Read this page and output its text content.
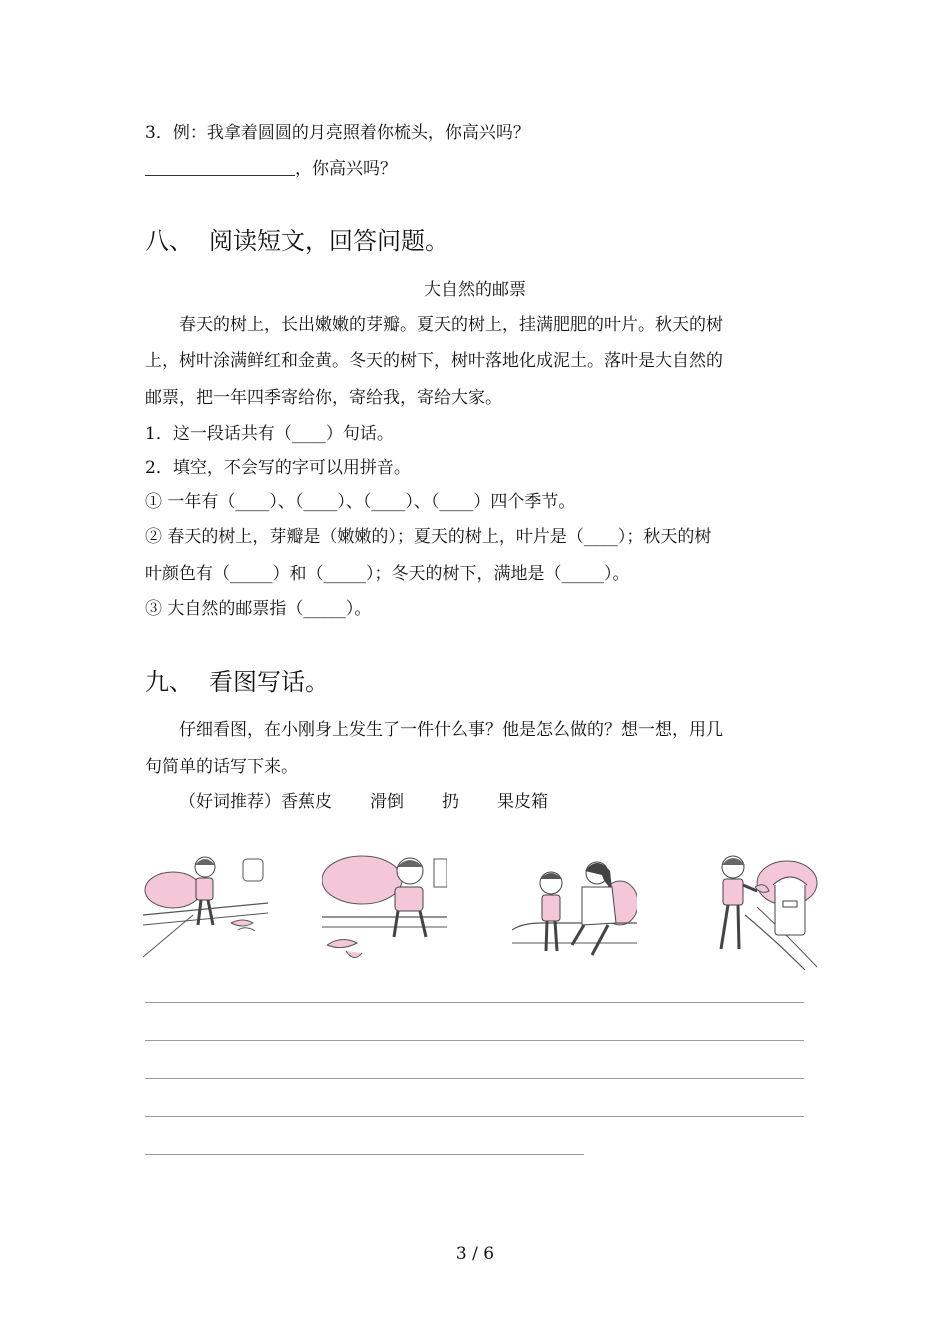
3．例：我拿着圆圆的月亮照着你梳头，你高兴吗？
，你高兴吗？
八、 阅读短文，回答问题。
大自然的邮票
春天的树上，长出嫩嫩的芽瓣。夏天的树上，挂满肥肥的叶片。秋天的树
上，树叶涂满鲜红和金黄。冬天的树下，树叶落地化成泥土。落叶是大自然的
邮票，把一年四季寄给你，寄给我，寄给大家。
1．这一段话共有（____）句话。
2．填空，不会写的字可以用拼音。
① 一年有（____）、（____）、（____）、（____）四个季节。
② 春天的树上，芽瓣是（嫩嫩的）；夏天的树上，叶片是（____）；秋天的树
叶颜色有（_____）和（_____）；冬天的树下，满地是（_____）。
③ 大自然的邮票指（_____）。
九、 看图写话。
仔细看图，在小刚身上发生了一件什么事？他是怎么做的？想一想，用几
句简单的话写下来。
（好词推荐）香蕉皮 滑倒 扔 果皮箱
3 / 6
